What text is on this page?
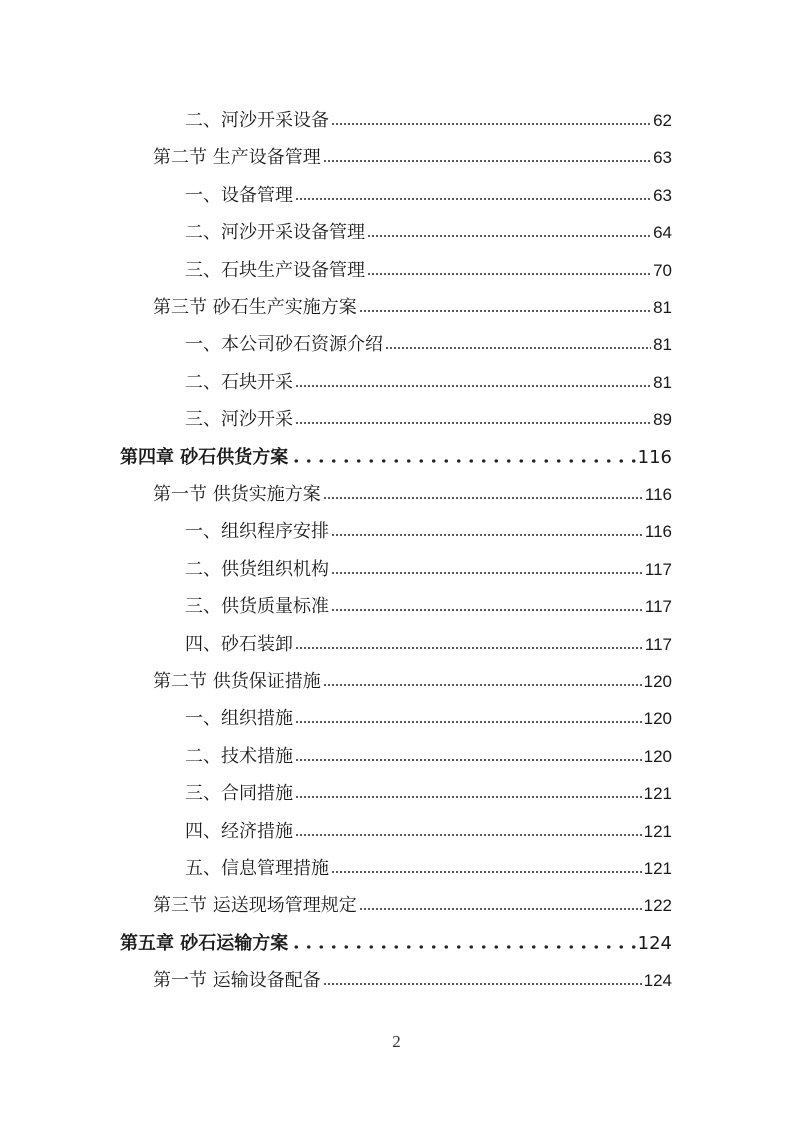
二、河沙开采设备	62
第二节 生产设备管理	63
一、设备管理	63
二、河沙开采设备管理	64
三、石块生产设备管理	70
第三节 砂石生产实施方案	81
一、本公司砂石资源介绍	81
二、石块开采	81
三、河沙开采	89
第四章 砂石供货方案	116
第一节 供货实施方案	116
一、组织程序安排	116
二、供货组织机构	117
三、供货质量标准	117
四、砂石装卸	117
第二节 供货保证措施	120
一、组织措施	120
二、技术措施	120
三、合同措施	121
四、经济措施	121
五、信息管理措施	121
第三节 运送现场管理规定	122
第五章 砂石运输方案	124
第一节 运输设备配备	124
2
